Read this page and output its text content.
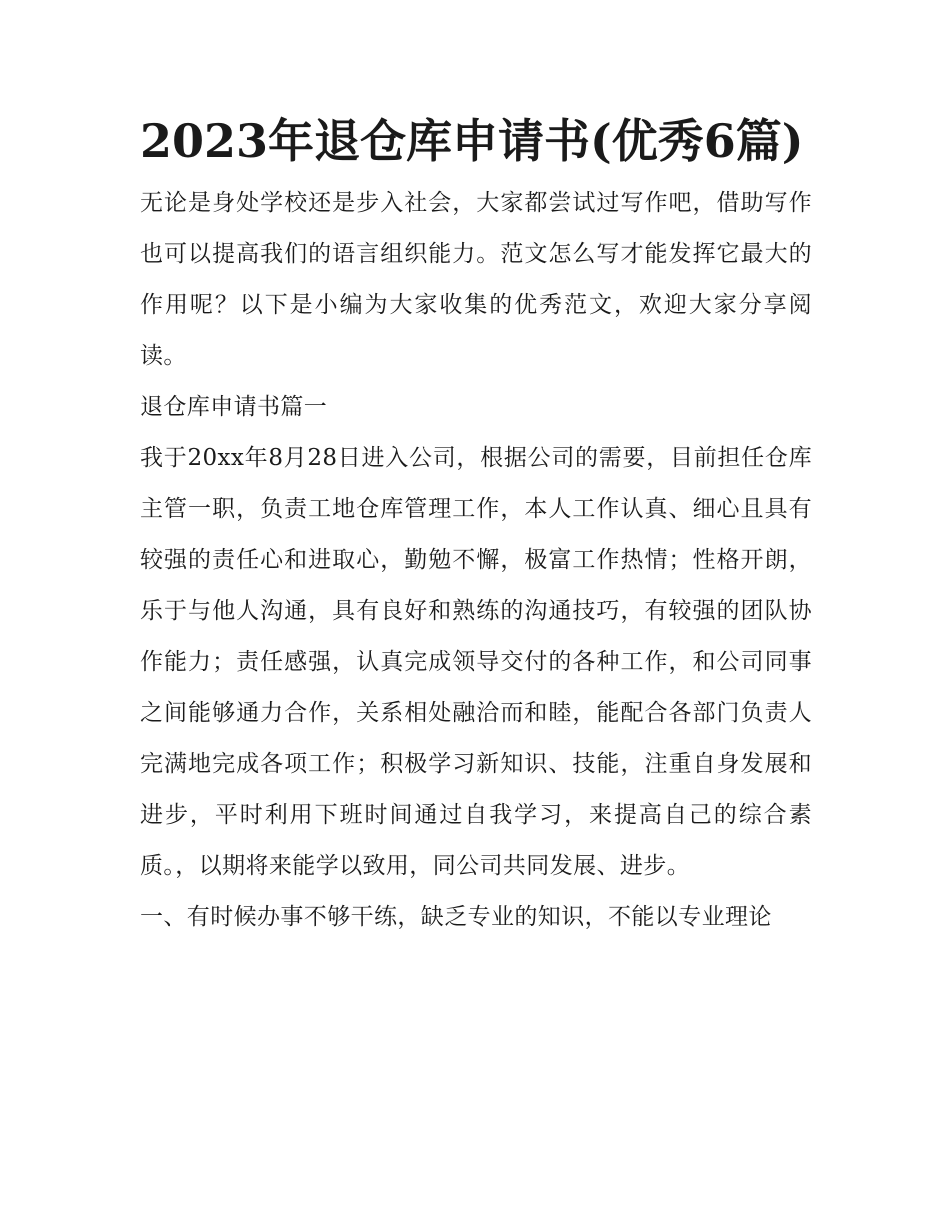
2023年退仓库申请书(优秀6篇)

无论是身处学校还是步入社会，大家都尝试过写作吧，借助写作也可以提高我们的语言组织能力。范文怎么写才能发挥它最大的作用呢？以下是小编为大家收集的优秀范文，欢迎大家分享阅读。

退仓库申请书篇一

我于20xx年8月28日进入公司，根据公司的需要，目前担任仓库主管一职，负责工地仓库管理工作，本人工作认真、细心且具有较强的责任心和进取心，勤勉不懈，极富工作热情；性格开朗，乐于与他人沟通，具有良好和熟练的沟通技巧，有较强的团队协作能力；责任感强，认真完成领导交付的各种工作，和公司同事之间能够通力合作，关系相处融洽而和睦，能配合各部门负责人完满地完成各项工作；积极学习新知识、技能，注重自身发展和进步，平时利用下班时间通过自我学习，来提高自己的综合素质。，以期将来能学以致用，同公司共同发展、进步。

一、有时候办事不够干练，缺乏专业的知识，不能以专业理论
